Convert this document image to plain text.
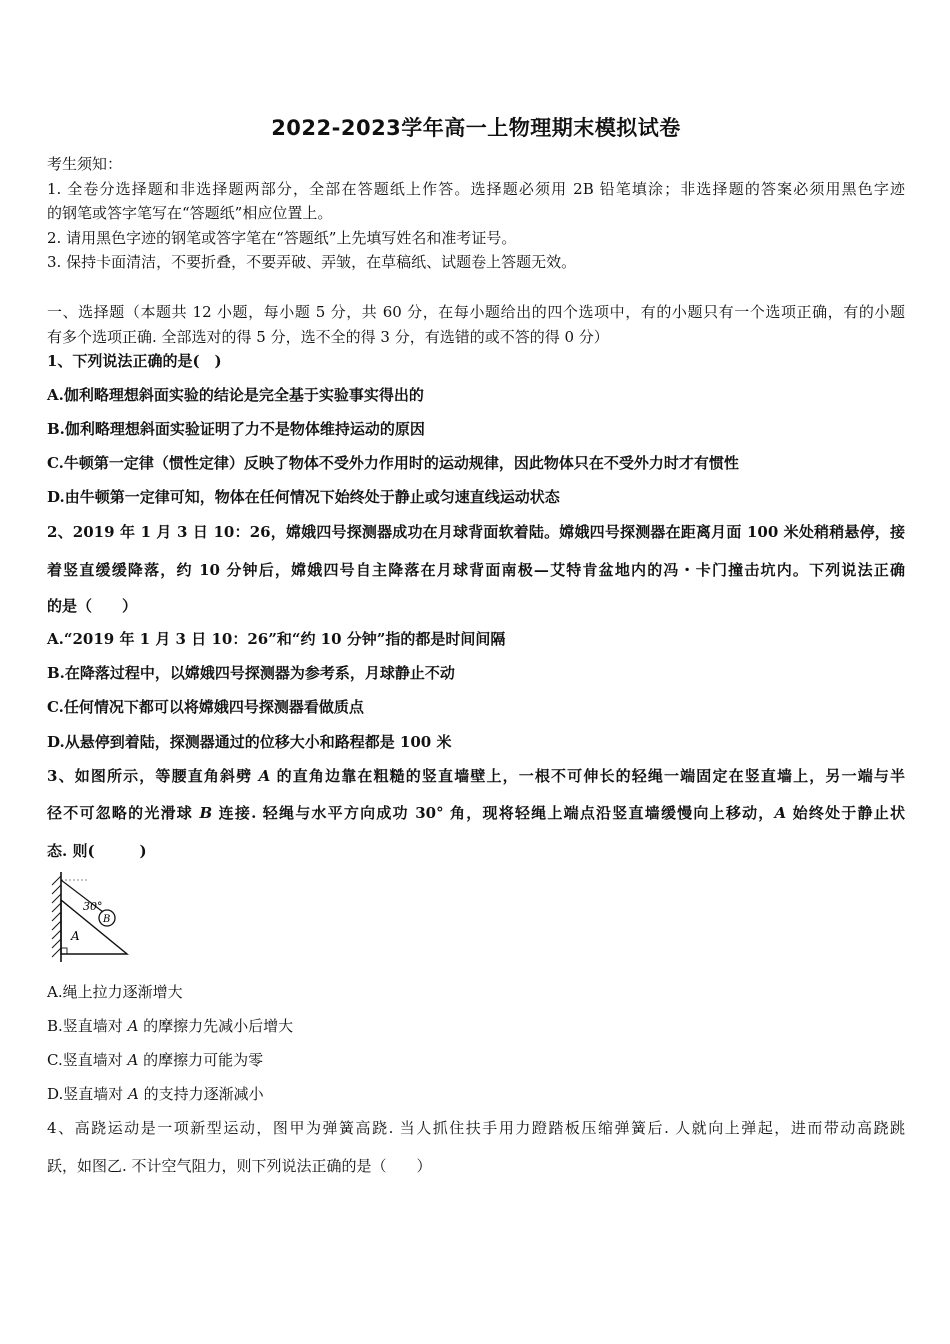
2022-2023学年高一上物理期末模拟试卷
考生须知：
1. 全卷分选择题和非选择题两部分，全部在答题纸上作答。选择题必须用 2B 铅笔填涂；非选择题的答案必须用黑色字迹
的钢笔或答字笔写在“答题纸”相应位置上。
2. 请用黑色字迹的钢笔或答字笔在“答题纸”上先填写姓名和准考证号。
3. 保持卡面清洁，不要折叠，不要弄破、弄皱，在草稿纸、试题卷上答题无效。
一、选择题（本题共 12 小题，每小题 5 分，共 60 分，在每小题给出的四个选项中，有的小题只有一个选项正确，有的小题
有多个选项正确. 全部选对的得 5 分，选不全的得 3 分，有选错的或不答的得 0 分）
1、下列说法正确的是(　)
A.伽利略理想斜面实验的结论是完全基于实验事实得出的
B.伽利略理想斜面实验证明了力不是物体维持运动的原因
C.牛顿第一定律（惯性定律）反映了物体不受外力作用时的运动规律，因此物体只在不受外力时才有惯性
D.由牛顿第一定律可知，物体在任何情况下始终处于静止或匀速直线运动状态
2、2019 年 1 月 3 日 10：26，嫦娥四号探测器成功在月球背面软着陆。嫦娥四号探测器在距离月面 100 米处稍稍悬停，接
着竖直缓缓降落，约 10 分钟后，嫦娥四号自主降落在月球背面南极—艾特肯盆地内的冯・卡门撞击坑内。下列说法正确
的是（　　）
A.“2019 年 1 月 3 日 10：26”和“约 10 分钟”指的都是时间间隔
B.在降落过程中，以嫦娥四号探测器为参考系，月球静止不动
C.任何情况下都可以将嫦娥四号探测器看做质点
D.从悬停到着陆，探测器通过的位移大小和路程都是 100 米
3、如图所示，等腰直角斜劈 A 的直角边靠在粗糙的竖直墙壁上，一根不可伸长的轻绳一端固定在竖直墙上，另一端与半
径不可忽略的光滑球 B 连接. 轻绳与水平方向成功 30° 角，现将轻绳上端点沿竖直墙缓慢向上移动，A 始终处于静止状
态. 则(　　　)
30°
B
A
A.绳上拉力逐渐增大
B.竖直墙对 A 的摩擦力先减小后增大
C.竖直墙对 A 的摩擦力可能为零
D.竖直墙对 A 的支持力逐渐减小
4、高跷运动是一项新型运动，图甲为弹簧高跷. 当人抓住扶手用力蹬踏板压缩弹簧后. 人就向上弹起，进而带动高跷跳
跃，如图乙. 不计空气阻力，则下列说法正确的是（　　）
